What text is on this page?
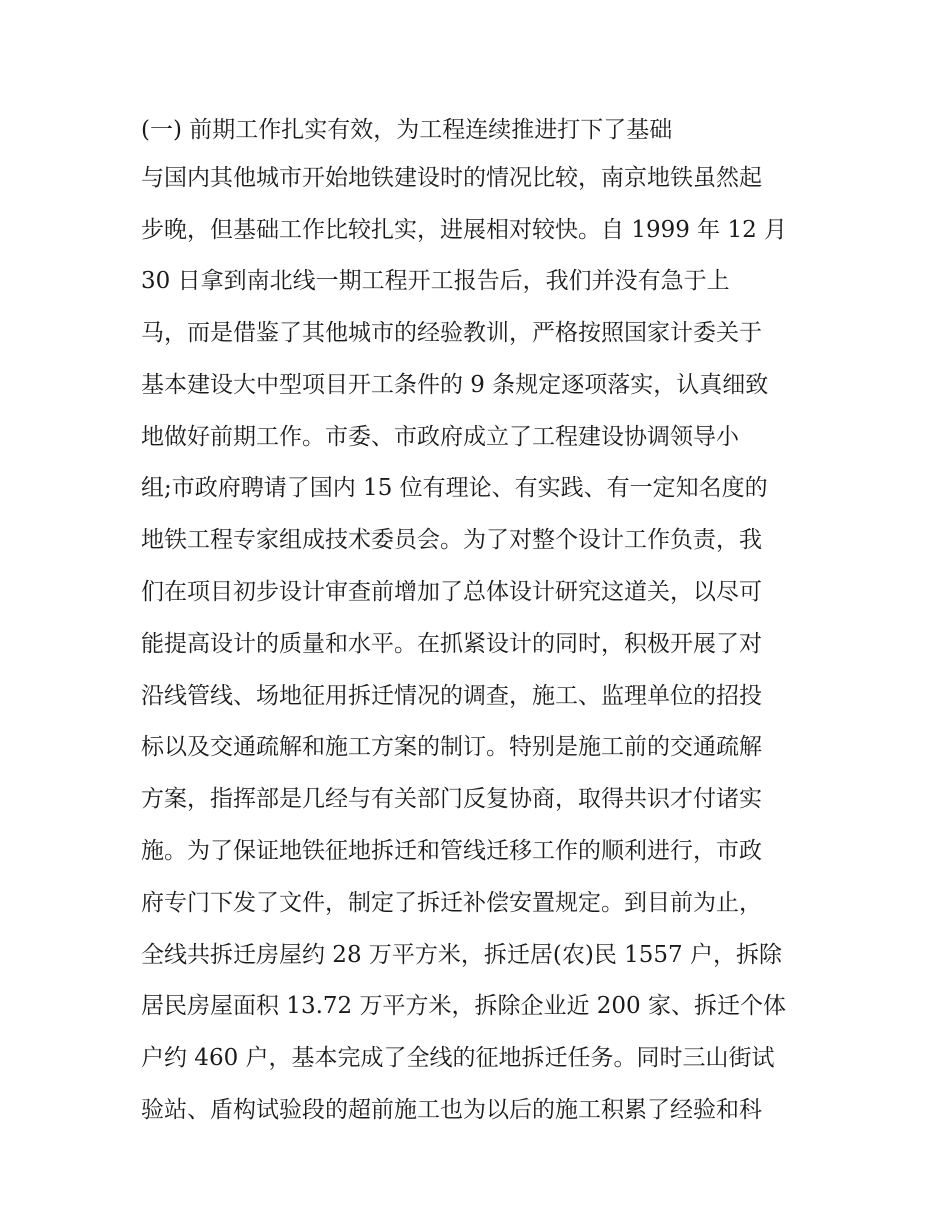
(一) 前期工作扎实有效，为工程连续推进打下了基础
与国内其他城市开始地铁建设时的情况比较，南京地铁虽然起
步晚，但基础工作比较扎实，进展相对较快。自 1999 年 12 月
30 日拿到南北线一期工程开工报告后，我们并没有急于上
马，而是借鉴了其他城市的经验教训，严格按照国家计委关于
基本建设大中型项目开工条件的 9 条规定逐项落实，认真细致
地做好前期工作。市委、市政府成立了工程建设协调领导小
组;市政府聘请了国内 15 位有理论、有实践、有一定知名度的
地铁工程专家组成技术委员会。为了对整个设计工作负责，我
们在项目初步设计审查前增加了总体设计研究这道关，以尽可
能提高设计的质量和水平。在抓紧设计的同时，积极开展了对
沿线管线、场地征用拆迁情况的调查，施工、监理单位的招投
标以及交通疏解和施工方案的制订。特别是施工前的交通疏解
方案，指挥部是几经与有关部门反复协商，取得共识才付诸实
施。为了保证地铁征地拆迁和管线迁移工作的顺利进行，市政
府专门下发了文件，制定了拆迁补偿安置规定。到目前为止，
全线共拆迁房屋约 28 万平方米，拆迁居(农)民 1557 户，拆除
居民房屋面积 13.72 万平方米，拆除企业近 200 家、拆迁个体
户约 460 户，基本完成了全线的征地拆迁任务。同时三山街试
验站、盾构试验段的超前施工也为以后的施工积累了经验和科
